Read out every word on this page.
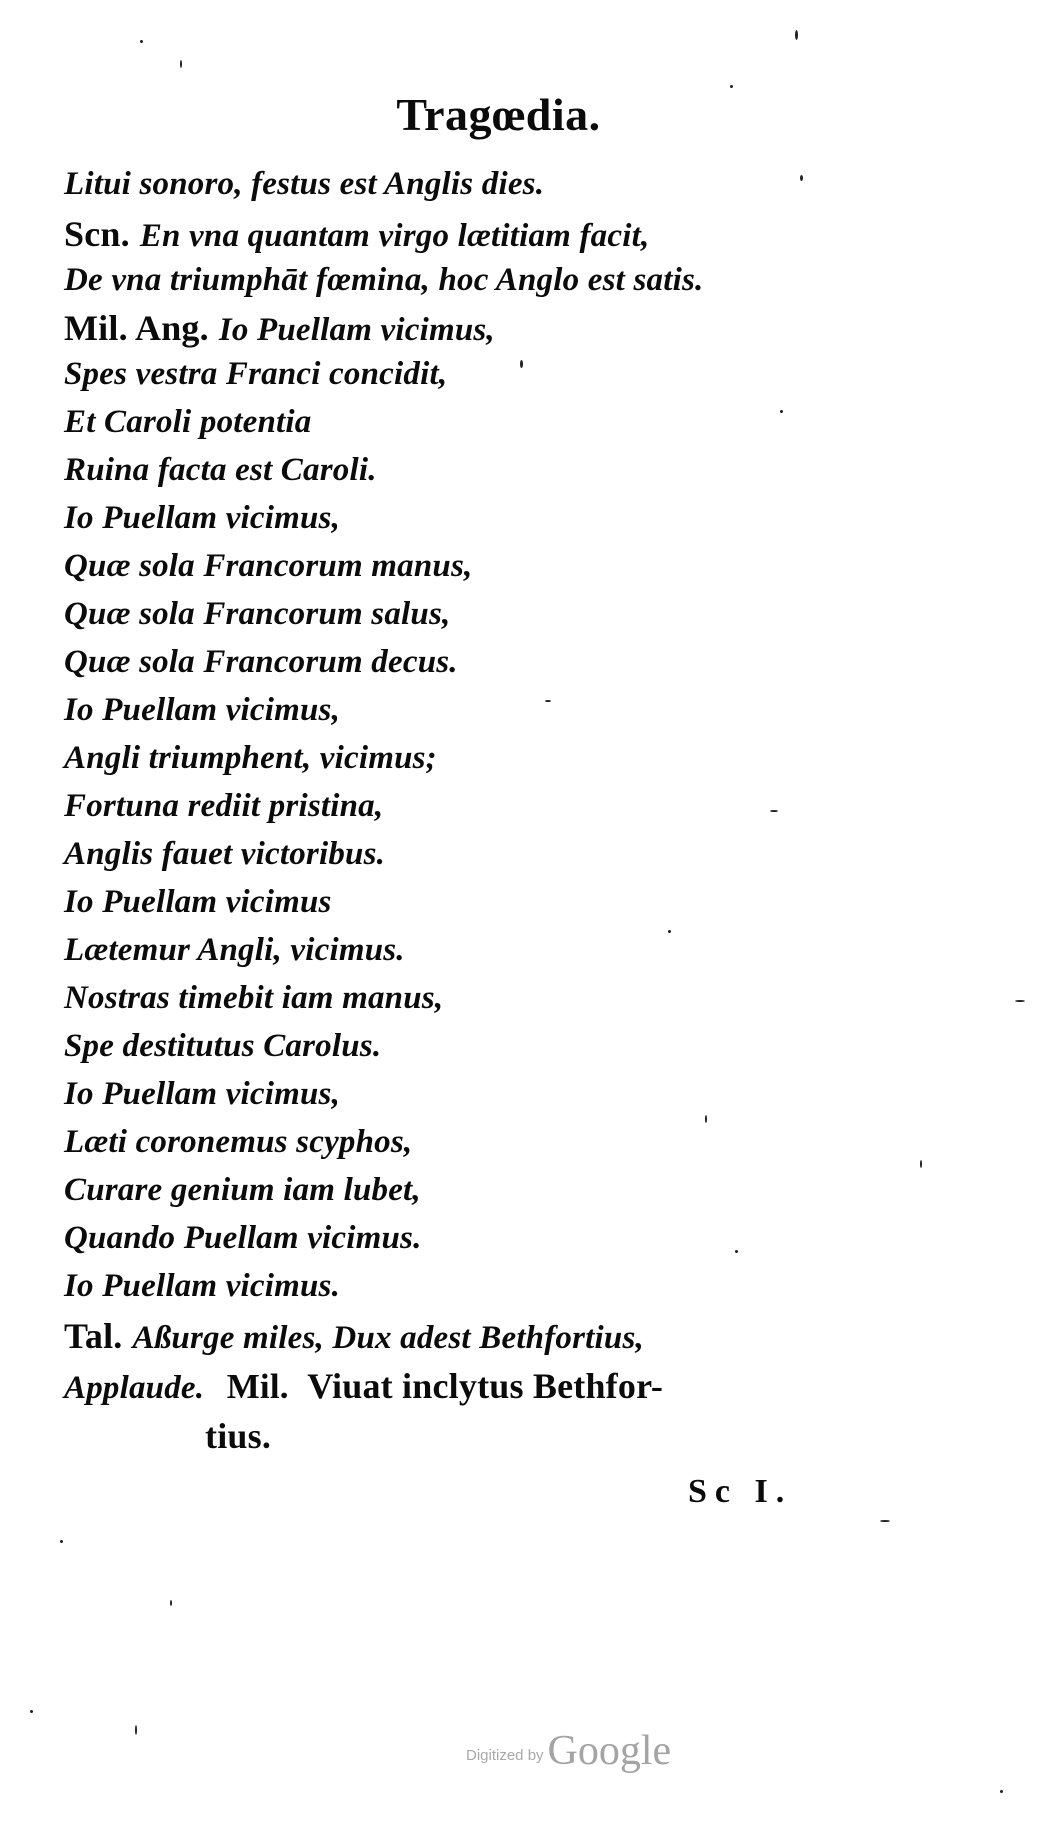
Tragœdia.
Litui sonoro, festus est Anglis dies.
Scn. En vna quantam virgo lætitiam facit,
De vna triumphāt fœmina, hoc Anglo est satis.
Mil. Ang. Io Puellam vicimus,
Spes vestra Franci concidit,
Et Caroli potentia
Ruina facta est Caroli.
Io Puellam vicimus,
Quæ sola Francorum manus,
Quæ sola Francorum salus,
Quæ sola Francorum decus.
Io Puellam vicimus,
Angli triumphent, vicimus;
Fortuna rediit pristina,
Anglis fauet victoribus.
Io Puellam vicimus
Lætemur Angli, vicimus.
Nostras timebit iam manus,
Spe destitutus Carolus.
Io Puellam vicimus,
Læti coronemus scyphos,
Curare genium iam lubet,
Quando Puellam vicimus.
Io Puellam vicimus.
Tal. Aßurge miles, Dux adest Bethfortius,
Applaude. Mil. Viuat inclytus Bethfor-
tius.
Sc I.
Digitized byGoogle
